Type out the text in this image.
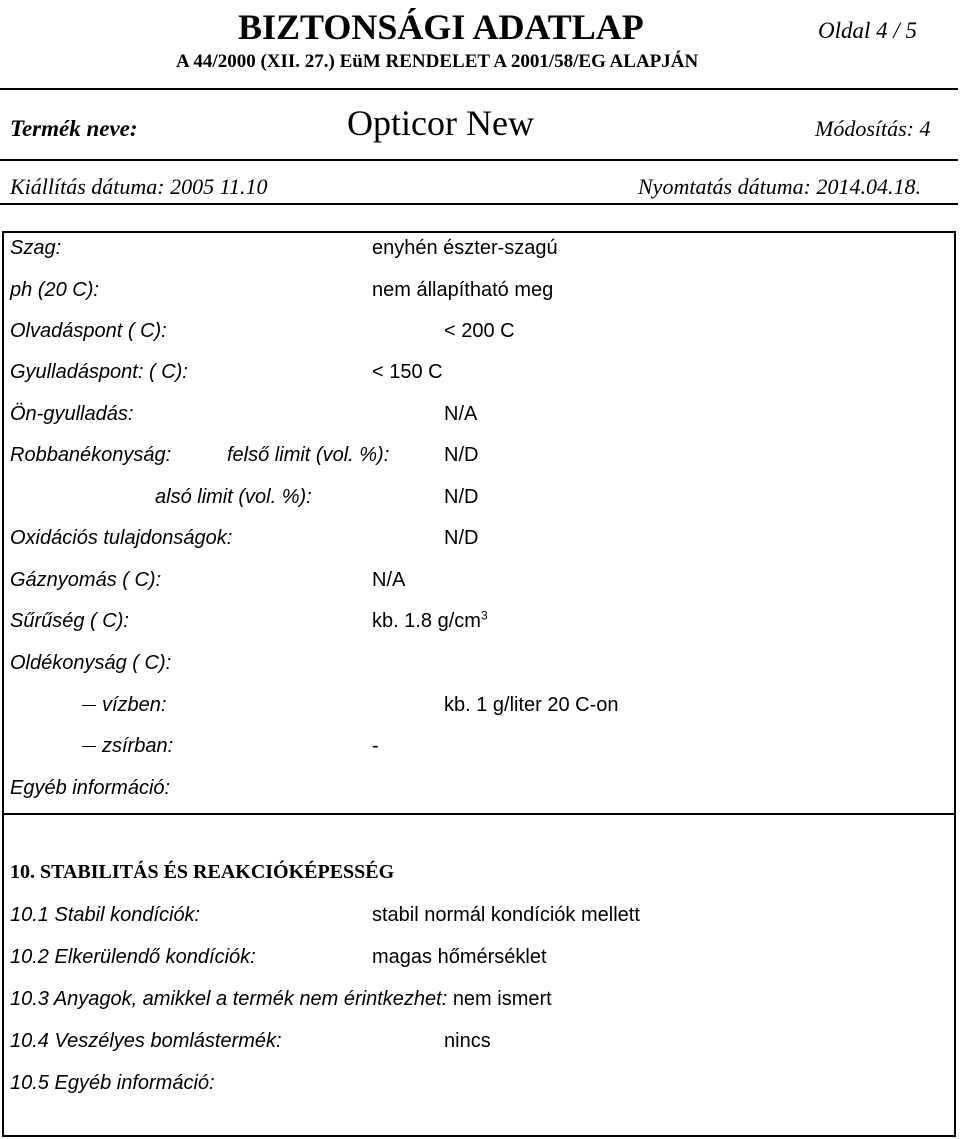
BIZTONSÁGI ADATLAP	Oldal 4 / 5
A 44/2000 (XII. 27.) EüM RENDELET A 2001/58/EG ALAPJÁN
Termék neve:	Opticor New	Módosítás: 4
Kiállítás dátuma: 2005 11.10	Nyomtatás dátuma: 2014.04.18.
Szag:	enyhén észter-szagú
ph (20 C):	nem állapítható meg
Olvadáspont ( C):	< 200 C
Gyulladáspont: ( C):	< 150 C
Ön-gyulladás:	N/A
Robbanékonyság:	felső limit (vol. %):	N/D
alsó limit (vol. %):	N/D
Oxidációs tulajdonságok:	N/D
Gáznyomás ( C):	N/A
Sűrűség ( C):	kb. 1.8 $g/cm^3$
Oldékonyság ( C):
vízben:	kb. 1 g/liter 20 C-on
zsírban:	-
Egyéb információ:
10. STABILITÁS ÉS REAKCIÓKÉPESSÉG
10.1 Stabil kondíciók:	stabil normál kondíciók mellett
10.2 Elkerülendő kondíciók:	magas hőmérséklet
10.3 Anyagok, amikkel a termék nem érintkezhet: nem ismert
10.4 Veszélyes bomlástermék:	nincs
10.5 Egyéb információ:
